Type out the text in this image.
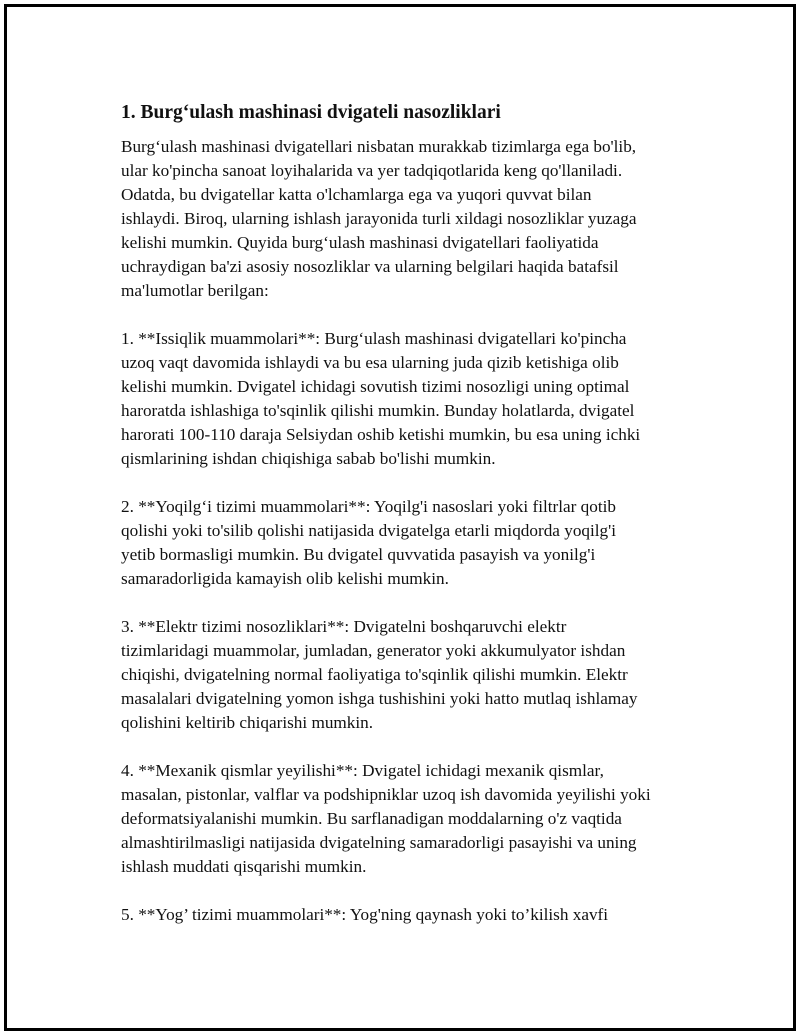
1. Burg‘ulash mashinasi dvigateli nasozliklari

Burg‘ulash mashinasi dvigatellari nisbatan murakkab tizimlarga ega bo'lib,
ular ko'pincha sanoat loyihalarida va yer tadqiqotlarida keng qo'llaniladi.
Odatda, bu dvigatellar katta o'lchamlarga ega va yuqori quvvat bilan
ishlaydi. Biroq, ularning ishlash jarayonida turli xildagi nosozliklar yuzaga
kelishi mumkin. Quyida burg‘ulash mashinasi dvigatellari faoliyatida
uchraydigan ba'zi asosiy nosozliklar va ularning belgilari haqida batafsil
ma'lumotlar berilgan:

1. **Issiqlik muammolari**: Burg‘ulash mashinasi dvigatellari ko'pincha
uzoq vaqt davomida ishlaydi va bu esa ularning juda qizib ketishiga olib
kelishi mumkin. Dvigatel ichidagi sovutish tizimi nosozligi uning optimal
haroratda ishlashiga to'sqinlik qilishi mumkin. Bunday holatlarda, dvigatel
harorati 100-110 daraja Selsiydan oshib ketishi mumkin, bu esa uning ichki
qismlarining ishdan chiqishiga sabab bo'lishi mumkin.

2. **Yoqilg‘i tizimi muammolari**: Yoqilg'i nasoslari yoki filtrlar qotib
qolishi yoki to'silib qolishi natijasida dvigatelga etarli miqdorda yoqilg'i
yetib bormasligi mumkin. Bu dvigatel quvvatida pasayish va yonilg'i
samaradorligida kamayish olib kelishi mumkin.

3. **Elektr tizimi nosozliklari**: Dvigatelni boshqaruvchi elektr
tizimlaridagi muammolar, jumladan, generator yoki akkumulyator ishdan
chiqishi, dvigatelning normal faoliyatiga to'sqinlik qilishi mumkin. Elektr
masalalari dvigatelning yomon ishga tushishini yoki hatto mutlaq ishlamay
qolishini keltirib chiqarishi mumkin.

4. **Mexanik qismlar yeyilishi**: Dvigatel ichidagi mexanik qismlar,
masalan, pistonlar, valflar va podshipniklar uzoq ish davomida yeyilishi yoki
deformatsiyalanishi mumkin. Bu sarflanadigan moddalarning o'z vaqtida
almashtirilmasligi natijasida dvigatelning samaradorligi pasayishi va uning
ishlash muddati qisqarishi mumkin.

5. **Yog’ tizimi muammolari**: Yog'ning qaynash yoki to’kilish xavfi
